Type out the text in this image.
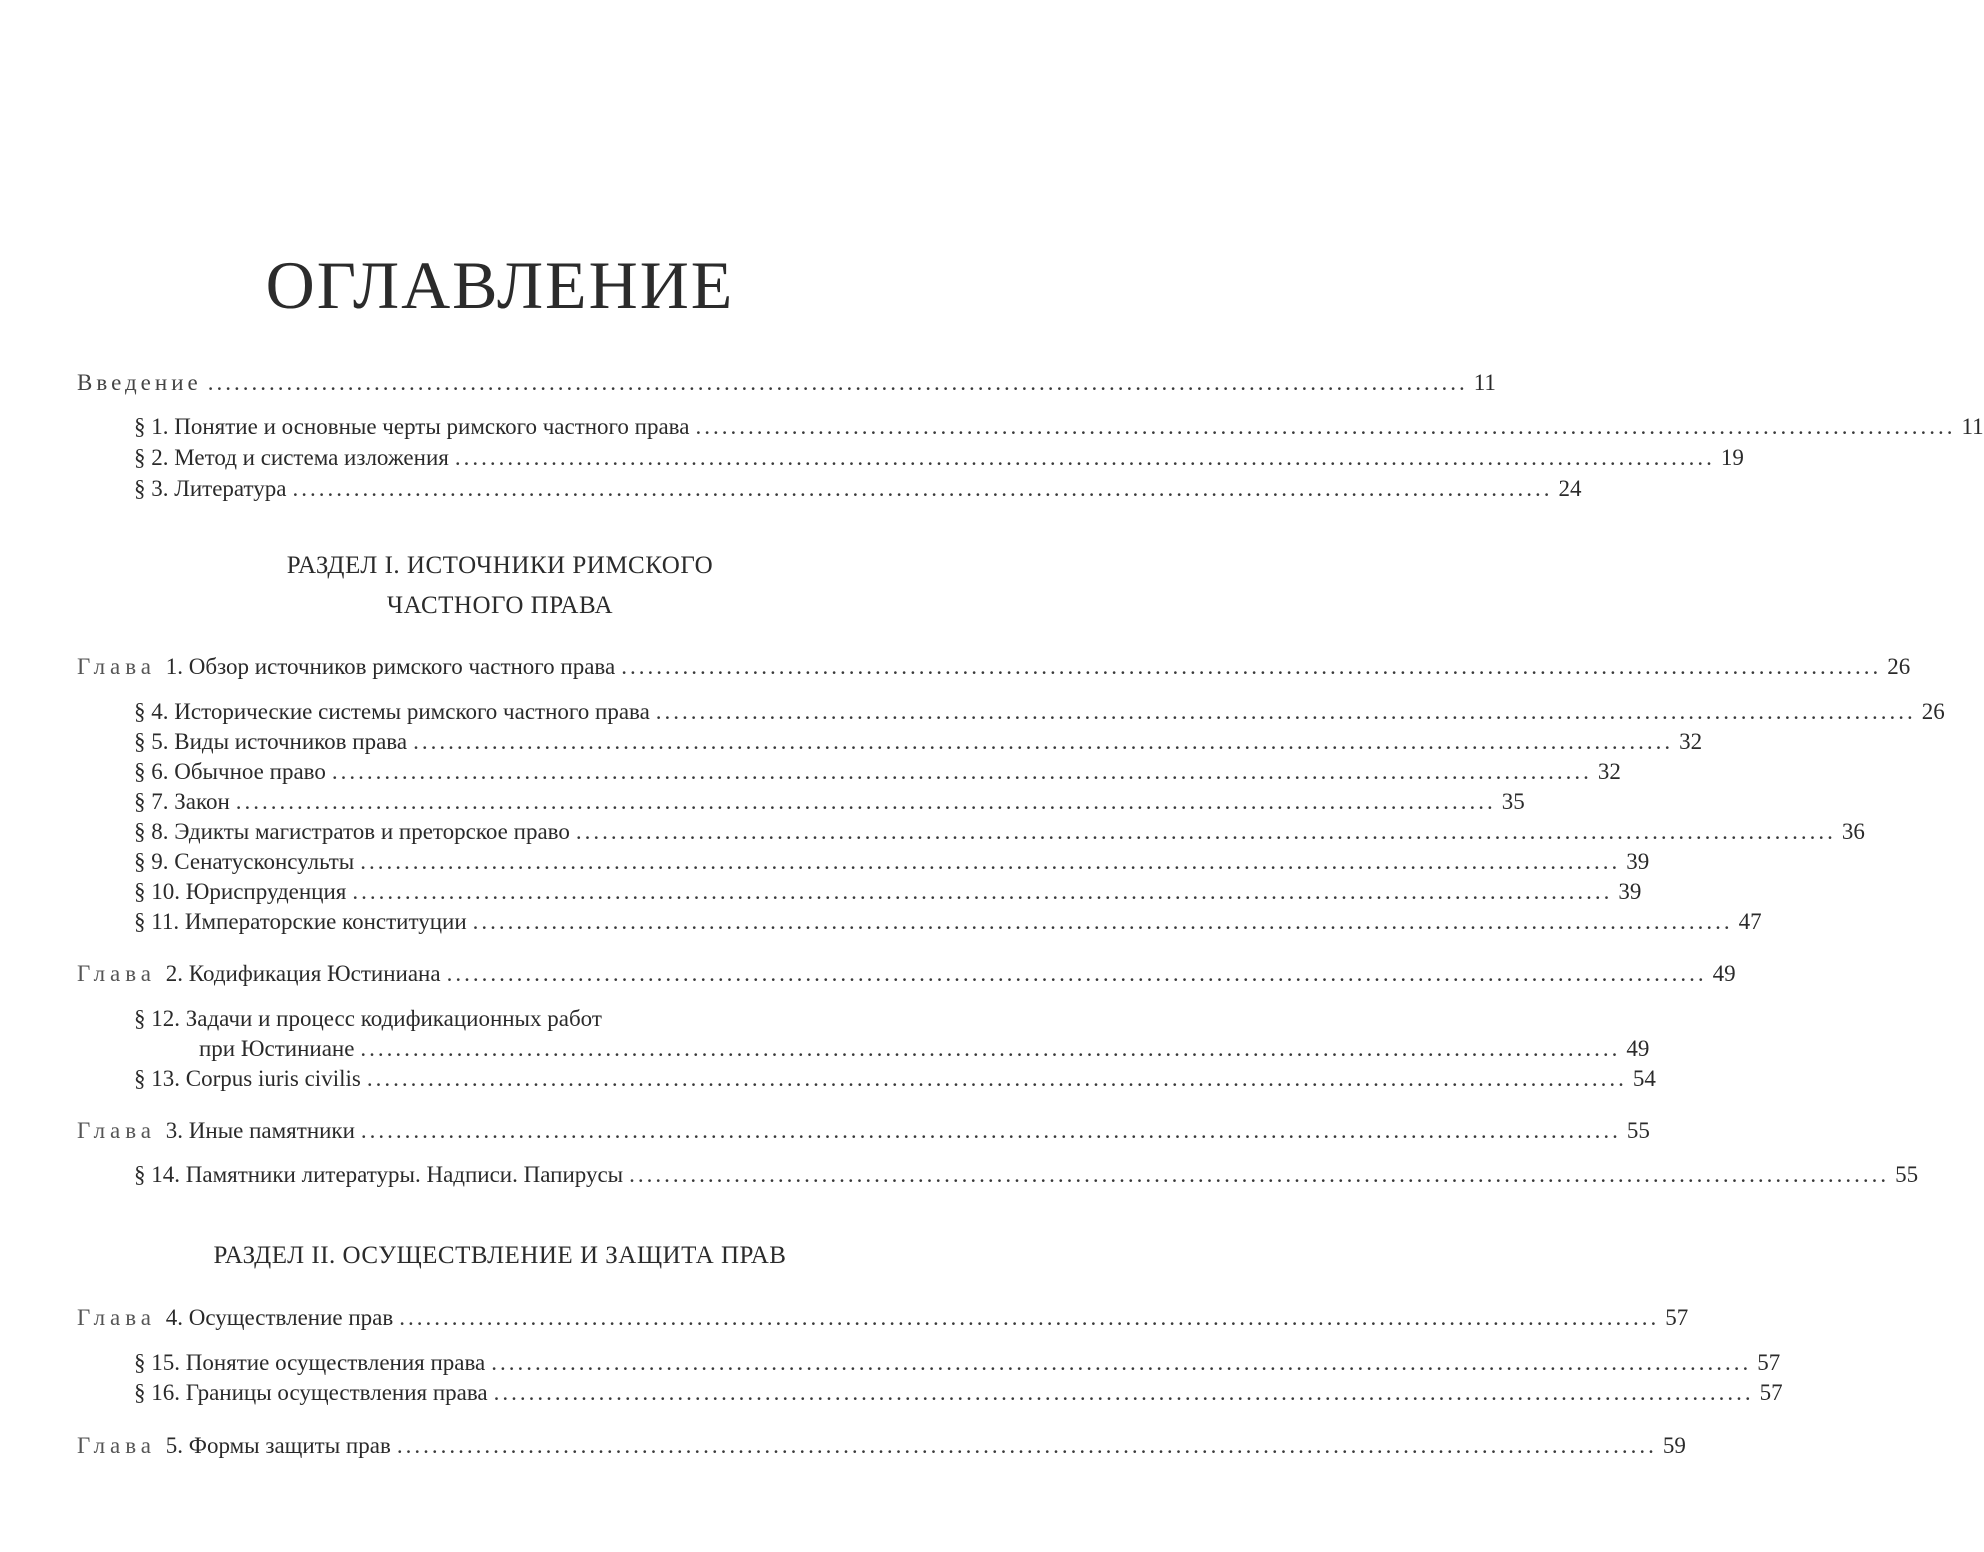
ОГЛАВЛЕНИЕ
Введение ................................................................................................................................................ 11
§ 1. Понятие и основные черты римского частного права ................................................................................................................................................ 11
§ 2. Метод и система изложения ................................................................................................................................................ 19
§ 3. Литература ................................................................................................................................................ 24
РАЗДЕЛ I. ИСТОЧНИКИ РИМСКОГО
ЧАСТНОГО ПРАВА
Глава 1. Обзор источников римского частного права ................................................................................................................................................ 26
§ 4. Исторические системы римского частного права ................................................................................................................................................ 26
§ 5. Виды источников права ................................................................................................................................................ 32
§ 6. Обычное право ................................................................................................................................................ 32
§ 7. Закон ................................................................................................................................................ 35
§ 8. Эдикты магистратов и преторское право ................................................................................................................................................ 36
§ 9. Сенатусконсульты ................................................................................................................................................ 39
§ 10. Юриспруденция ................................................................................................................................................ 39
§ 11. Императорские конституции ................................................................................................................................................ 47
Глава 2. Кодификация Юстиниана ................................................................................................................................................ 49
§ 12. Задачи и процесс кодификационных работ
при Юстиниане ................................................................................................................................................ 49
§ 13. Corpus iuris civilis ................................................................................................................................................ 54
Глава 3. Иные памятники ................................................................................................................................................ 55
§ 14. Памятники литературы. Надписи. Папирусы ................................................................................................................................................ 55
РАЗДЕЛ II. ОСУЩЕСТВЛЕНИЕ И ЗАЩИТА ПРАВ
Глава 4. Осуществление прав ................................................................................................................................................ 57
§ 15. Понятие осуществления права ................................................................................................................................................ 57
§ 16. Границы осуществления права ................................................................................................................................................ 57
Глава 5. Формы защиты прав ................................................................................................................................................ 59
